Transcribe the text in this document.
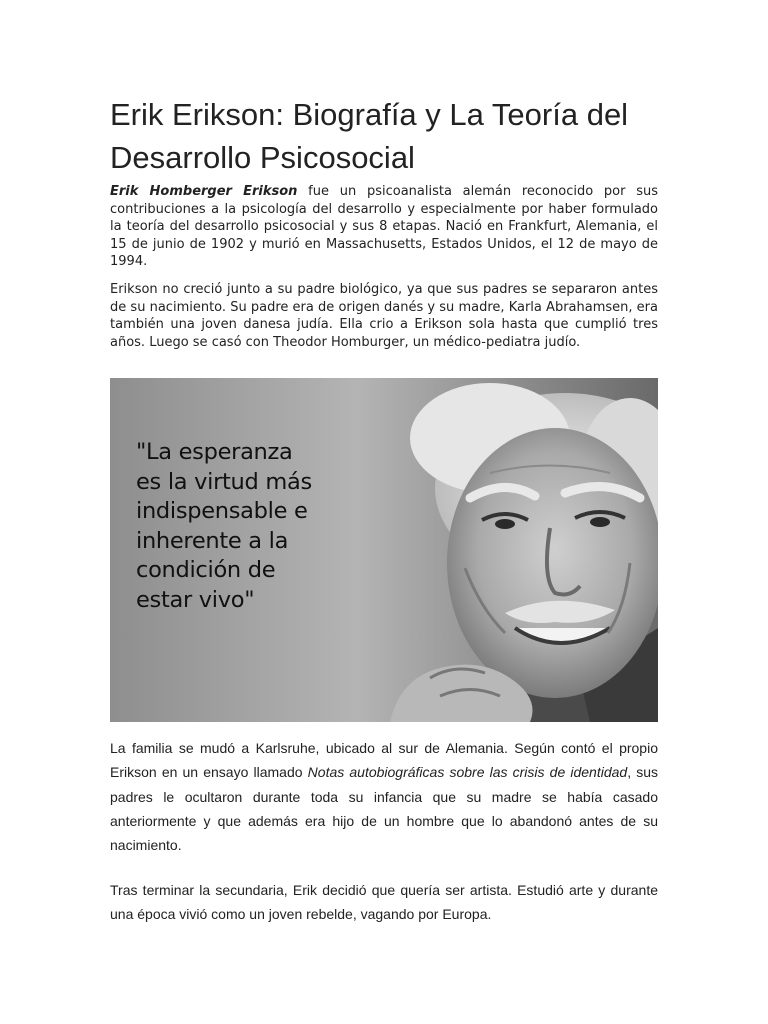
Erik Erikson: Biografía y La Teoría del Desarrollo Psicosocial

Erik Homberger Erikson fue un psicoanalista alemán reconocido por sus contribuciones a la psicología del desarrollo y especialmente por haber formulado la teoría del desarrollo psicosocial y sus 8 etapas. Nació en Frankfurt, Alemania, el 15 de junio de 1902 y murió en Massachusetts, Estados Unidos, el 12 de mayo de 1994.

Erikson no creció junto a su padre biológico, ya que sus padres se separaron antes de su nacimiento. Su padre era de origen danés y su madre, Karla Abrahamsen, era también una joven danesa judía. Ella crio a Erikson sola hasta que cumplió tres años. Luego se casó con Theodor Homburger, un médico-pediatra judío.

"La esperanza
es la virtud más
indispensable e
inherente a la
condición de
estar vivo"

La familia se mudó a Karlsruhe, ubicado al sur de Alemania. Según contó el propio Erikson en un ensayo llamado Notas autobiográficas sobre las crisis de identidad, sus padres le ocultaron durante toda su infancia que su madre se había casado anteriormente y que además era hijo de un hombre que lo abandonó antes de su nacimiento.

Tras terminar la secundaria, Erik decidió que quería ser artista. Estudió arte y durante una época vivió como un joven rebelde, vagando por Europa.
